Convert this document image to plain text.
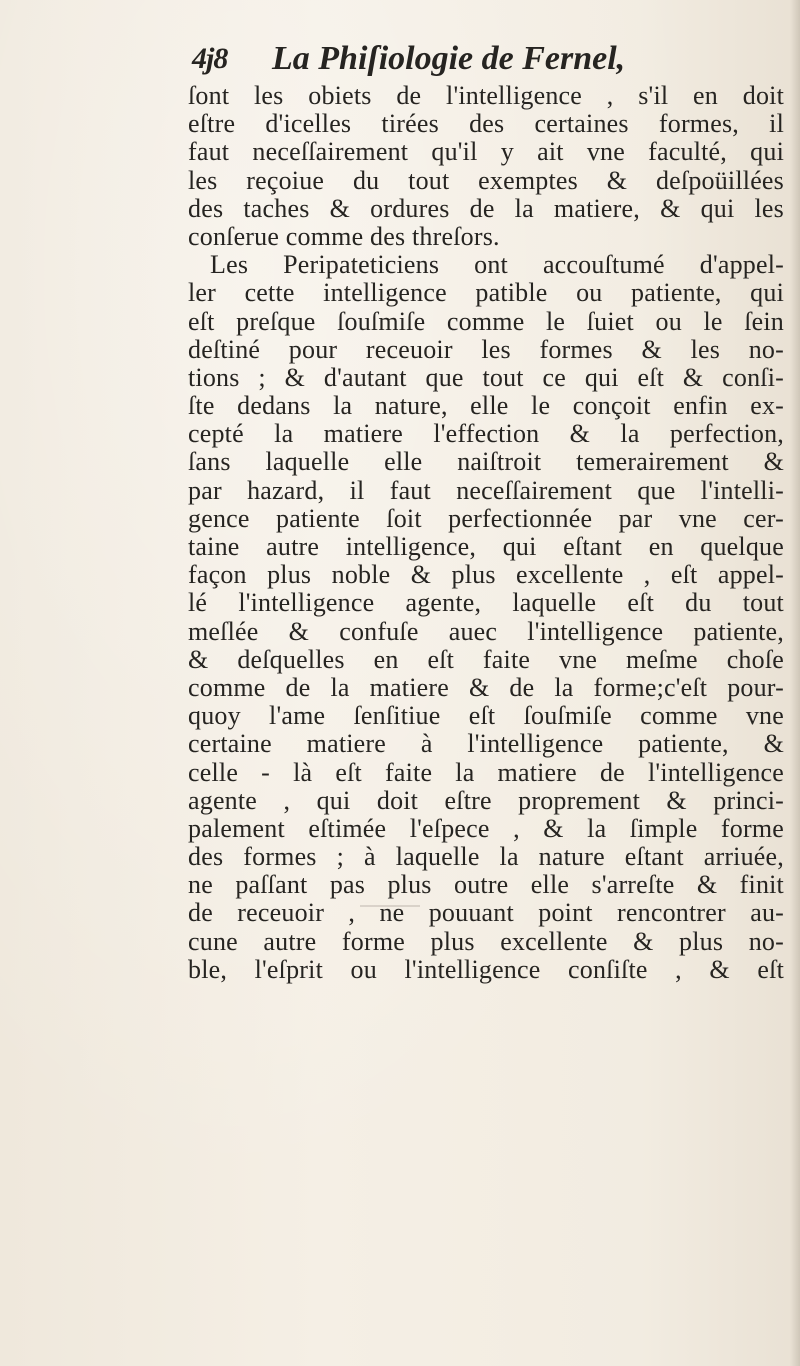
4j8 La Phiſiologie de Fernel,
ſont les obiets de l'intelligence , s'il en doit
eſtre d'icelles tirées des certaines formes, il
faut neceſſairement qu'il y ait vne faculté, qui
les reçoiue du tout exemptes & deſpoüillées
des taches & ordures de la matiere, & qui les
conſerue comme des threſors.
Les Peripateticiens ont accouſtumé d'appel-
ler cette intelligence patible ou patiente, qui
eſt preſque ſouſmiſe comme le ſuiet ou le ſein
deſtiné pour receuoir les formes & les no-
tions ; & d'autant que tout ce qui eſt & conſi-
ſte dedans la nature, elle le conçoit enfin ex-
cepté la matiere l'effection & la perfection,
ſans laquelle elle naiſtroit temerairement &
par hazard, il faut neceſſairement que l'intelli-
gence patiente ſoit perfectionnée par vne cer-
taine autre intelligence, qui eſtant en quelque
façon plus noble & plus excellente , eſt appel-
lé l'intelligence agente, laquelle eſt du tout
meſlée & confuſe auec l'intelligence patiente,
& deſquelles en eſt faite vne meſme choſe
comme de la matiere & de la forme;c'eſt pour-
quoy l'ame ſenſitiue eſt ſouſmiſe comme vne
certaine matiere à l'intelligence patiente, &
celle - là eſt faite la matiere de l'intelligence
agente , qui doit eſtre proprement & princi-
palement eſtimée l'eſpece , & la ſimple forme
des formes ; à laquelle la nature eſtant arriuée,
ne paſſant pas plus outre elle s'arreſte & finit
de receuoir , ne pouuant point rencontrer au-
cune autre forme plus excellente & plus no-
ble, l'eſprit ou l'intelligence conſiſte , & eſt
